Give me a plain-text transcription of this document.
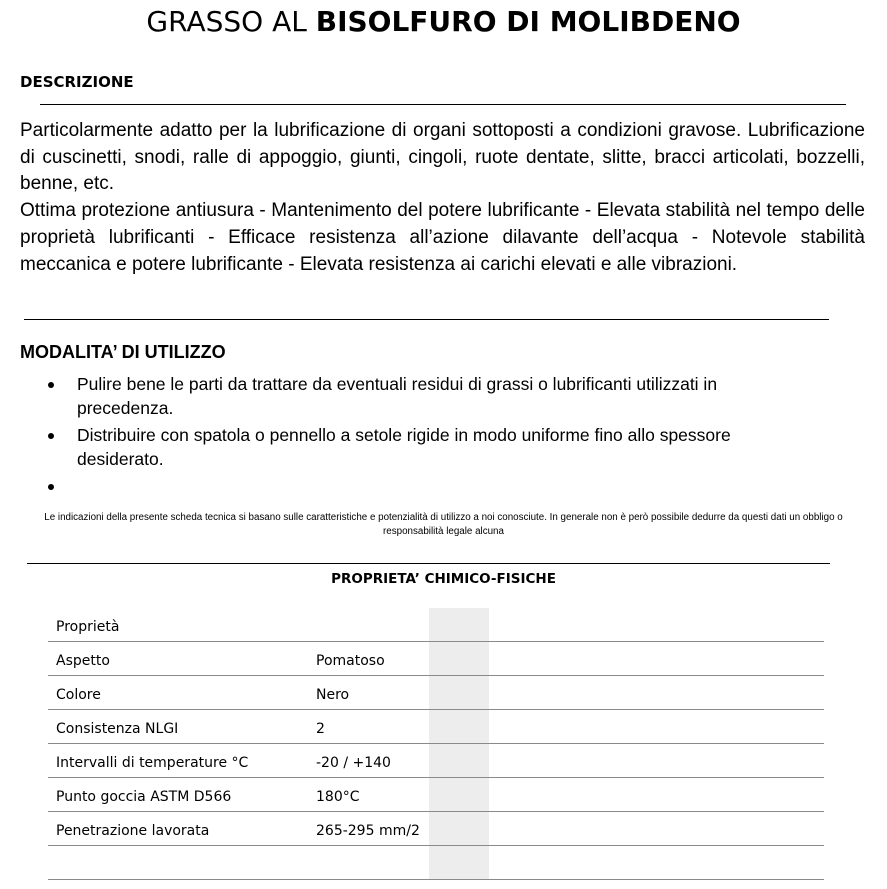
GRASSO AL BISOLFURO DI MOLIBDENO
DESCRIZIONE

Particolarmente adatto per la lubrificazione di organi sottoposti a condizioni gravose. Lubrificazione di cuscinetti, snodi, ralle di appoggio, giunti, cingoli, ruote dentate, slitte, bracci articolati, bozzelli, benne, etc.

Ottima protezione antiusura - Mantenimento del potere lubrificante - Elevata stabilità nel tempo delle proprietà lubrificanti - Efficace resistenza all’azione dilavante dell’acqua - Notevole stabilità meccanica e potere lubrificante - Elevata resistenza ai carichi elevati e alle vibrazioni.

MODALITA’ DI UTILIZZO
Pulire bene le parti da trattare da eventuali residui di grassi o lubrificanti utilizzati in precedenza.
Distribuire con spatola o pennello a setole rigide in modo uniforme fino allo spessore desiderato.
Le indicazioni della presente scheda tecnica si basano sulle caratteristiche e potenzialità di utilizzo a noi conosciute. In generale non è però possibile dedurre da questi dati un obbligo o responsabilità legale alcuna
PROPRIETA’ CHIMICO-FISICHE
Proprietà
Aspetto	Pomatoso
Colore	Nero
Consistenza NLGI	2
Intervalli di temperature °C	-20 / +140
Punto goccia ASTM D566	180°C
Penetrazione lavorata	265-295 mm/2
